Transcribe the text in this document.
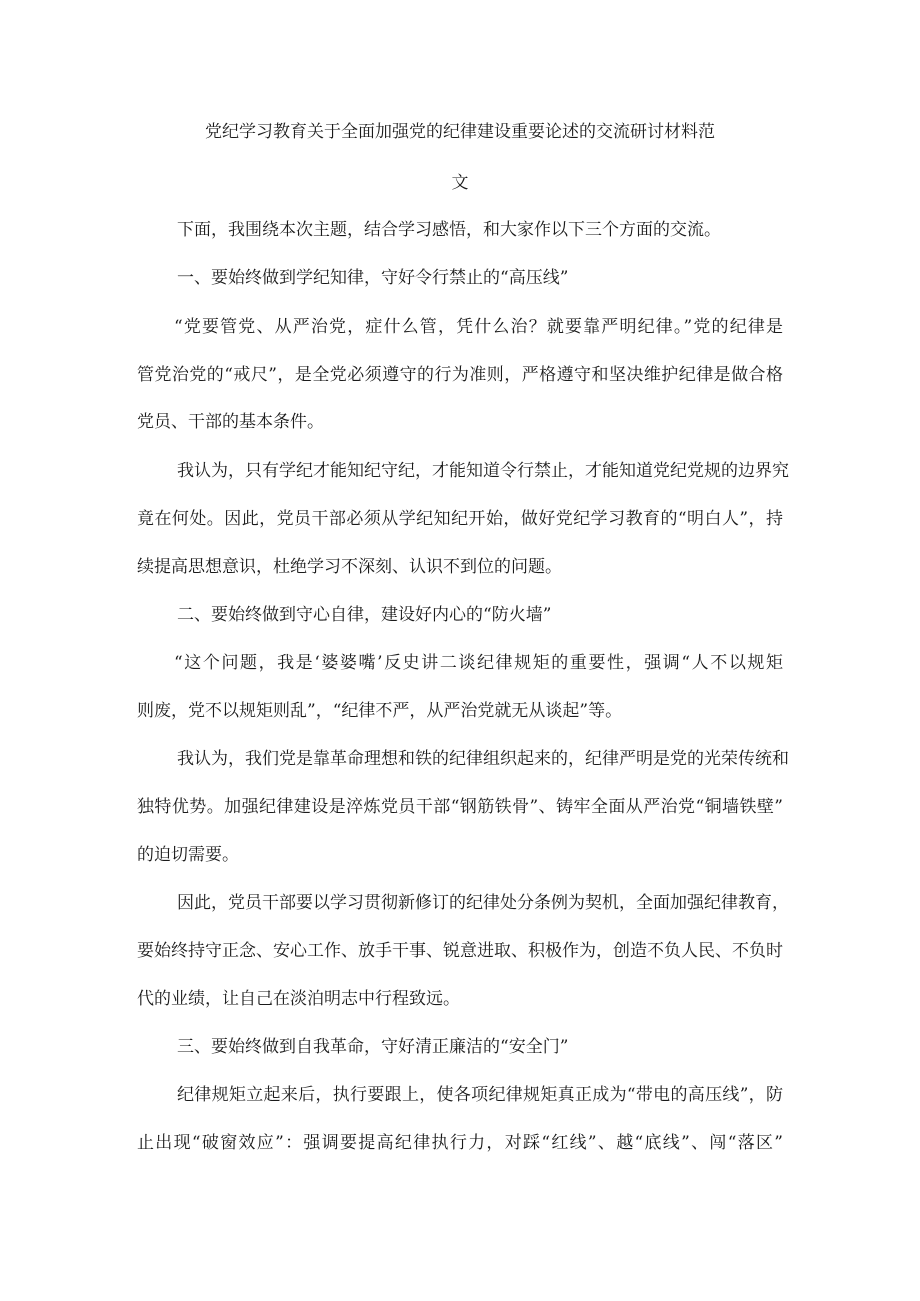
党纪学习教育关于全面加强党的纪律建设重要论述的交流研讨材料范
文
下面，我围绕本次主题，结合学习感悟，和大家作以下三个方面的交流。
一、要始终做到学纪知律，守好令行禁止的“高压线”
“党要管党、从严治党，症什么管，凭什么治？就要靠严明纪律。”党的纪律是
管党治党的“戒尺”，是全党必须遵守的行为准则，严格遵守和坚决维护纪律是做合格
党员、干部的基本条件。
我认为，只有学纪才能知纪守纪，才能知道令行禁止，才能知道党纪党规的边界究
竟在何处。因此，党员干部必须从学纪知纪开始，做好党纪学习教育的“明白人”，持
续提高思想意识，杜绝学习不深刻、认识不到位的问题。
二、要始终做到守心自律，建设好内心的“防火墙”
“这个问题，我是‘婆婆嘴’反史讲二谈纪律规矩的重要性，强调“人不以规矩
则废，党不以规矩则乱”，“纪律不严，从严治党就无从谈起”等。
我认为，我们党是靠革命理想和铁的纪律组织起来的，纪律严明是党的光荣传统和
独特优势。加强纪律建设是淬炼党员干部“钢筋铁骨”、铸牢全面从严治党“铜墙铁壁”
的迫切需要。
因此，党员干部要以学习贯彻新修订的纪律处分条例为契机，全面加强纪律教育，
要始终持守正念、安心工作、放手干事、锐意进取、积极作为，创造不负人民、不负时
代的业绩，让自己在淡泊明志中行程致远。
三、要始终做到自我革命，守好清正廉洁的“安全门”
纪律规矩立起来后，执行要跟上，使各项纪律规矩真正成为“带电的高压线”，防
止出现“破窗效应”：强调要提高纪律执行力，对踩“红线”、越“底线”、闯“落区”
